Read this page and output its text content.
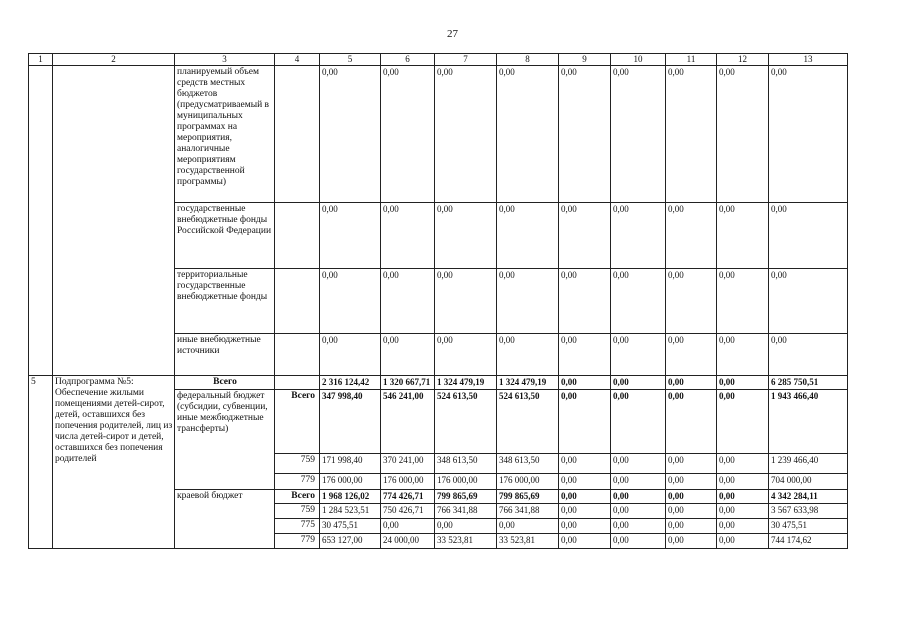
27
1	2	3	4	5	6	7	8	9	10	11	12	13
		планируемый объем средств местных бюджетов (предусматриваемый в муниципальных программах на мероприятия, аналогичные мероприятиям государственной программы)		0,00	0,00	0,00	0,00	0,00	0,00	0,00	0,00	0,00
		государственные внебюджетные фонды Российской Федерации		0,00	0,00	0,00	0,00	0,00	0,00	0,00	0,00	0,00
		территориальные государственные внебюджетные фонды		0,00	0,00	0,00	0,00	0,00	0,00	0,00	0,00	0,00
		иные внебюджетные источники		0,00	0,00	0,00	0,00	0,00	0,00	0,00	0,00	0,00
5	Подпрограмма №5: Обеспечение жилыми помещениями детей-сирот, детей, оставшихся без попечения родителей, лиц из числа детей-сирот и детей, оставшихся без попечения родителей	Всего		2 316 124,42	1 320 667,71	1 324 479,19	1 324 479,19	0,00	0,00	0,00	0,00	6 285 750,51
		федеральный бюджет (субсидии, субвенции, иные межбюджетные трансферты)	Всего	347 998,40	546 241,00	524 613,50	524 613,50	0,00	0,00	0,00	0,00	1 943 466,40
			759	171 998,40	370 241,00	348 613,50	348 613,50	0,00	0,00	0,00	0,00	1 239 466,40
			779	176 000,00	176 000,00	176 000,00	176 000,00	0,00	0,00	0,00	0,00	704 000,00
		краевой бюджет	Всего	1 968 126,02	774 426,71	799 865,69	799 865,69	0,00	0,00	0,00	0,00	4 342 284,11
			759	1 284 523,51	750 426,71	766 341,88	766 341,88	0,00	0,00	0,00	0,00	3 567 633,98
			775	30 475,51	0,00	0,00	0,00	0,00	0,00	0,00	0,00	30 475,51
			779	653 127,00	24 000,00	33 523,81	33 523,81	0,00	0,00	0,00	0,00	744 174,62
